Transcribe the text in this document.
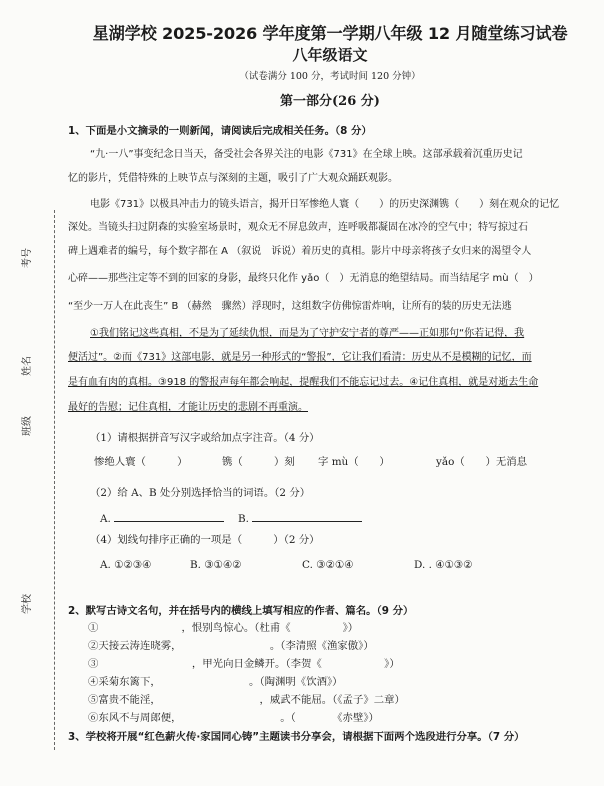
星湖学校 2025-2026 学年度第一学期八年级 12 月随堂练习试卷
八年级语文
（试卷满分 100 分，考试时间 120 分钟）
第一部分(26 分)
考号
姓名
班级
学校
1、下面是小文摘录的一则新闻，请阅读后完成相关任务。（8 分）
“九·一八”事变纪念日当天，备受社会各界关注的电影《731》在全球上映。这部承载着沉重历史记
忆的影片，凭借特殊的上映节点与深刻的主题，吸引了广大观众踊跃观影。
电影《731》以极具冲击力的镜头语言，揭开日军惨绝人寰（　　）的历史深渊镌（　　）刻在观众的记忆
深处。当镜头扫过阴森的实验室场景时，观众无不屏息敛声，连呼吸都凝固在冰冷的空气中；特写掠过石
碑上遇难者的编号，每个数字都在 A （叙说　诉说）着历史的真相。影片中母亲将孩子女归来的渴望令人
心碎——那些注定等不到的回家的身影，最终只化作 yǎo（　）无消息的绝望结局。而当结尾字 mù（　）
“至少一万人在此丧生” B （赫然　骤然）浮现时，这组数字仿佛惊雷炸响，让所有的装的历史无法逃
①我们铭记这些真相，不是为了延续仇恨，而是为了守护安宁者的尊严——正如那句“你若记得，我
便活过”。②而《731》这部电影，就是另一种形式的“警报”，它让我们看清：历史从不是模糊的记忆，而
是有血有肉的真相。③918 的警报声每年都会响起，提醒我们不能忘记过去。④记住真相，就是对逝去生命
最好的告慰；记住真相，才能让历史的悲剧不再重演。
（1）请根据拼音写汉字或给加点字注音。（4 分）
惨绝人寰（　　　）	镌（　　　）刻 字 mù（　　）	yǎo（　　）无消息
（2）给 A、B 处分别选择恰当的词语。（2 分）
A.	B.
（4）划线句排序正确的一项是（　　　）（2 分）
A. ①②③④	B. ③①④②	C. ③②①④	D. . ④①③②
2、默写古诗文名句，并在括号内的横线上填写相应的作者、篇名。（9 分）
①　　　　　　　　，恨别鸟惊心。（杜甫《　　　　　》）
②天接云涛连晓雾，　　　　　　　　　。（李清照《渔家傲》）
③　　　　　　　　　，甲光向日金鳞开。（李贺《　　　　　　》）
④采菊东篱下，　　　　　　　　　。（陶渊明《饮酒》）
⑤富贵不能淫，　　　　　　　　　　，威武不能屈。（《孟子》二章）
⑥东风不与周郎便，　　　　　　　　　　。（　　　　《赤壁》）
3、学校将开展“红色薪火传·家国同心铸”主题读书分享会，请根据下面两个选段进行分享。（7 分）
